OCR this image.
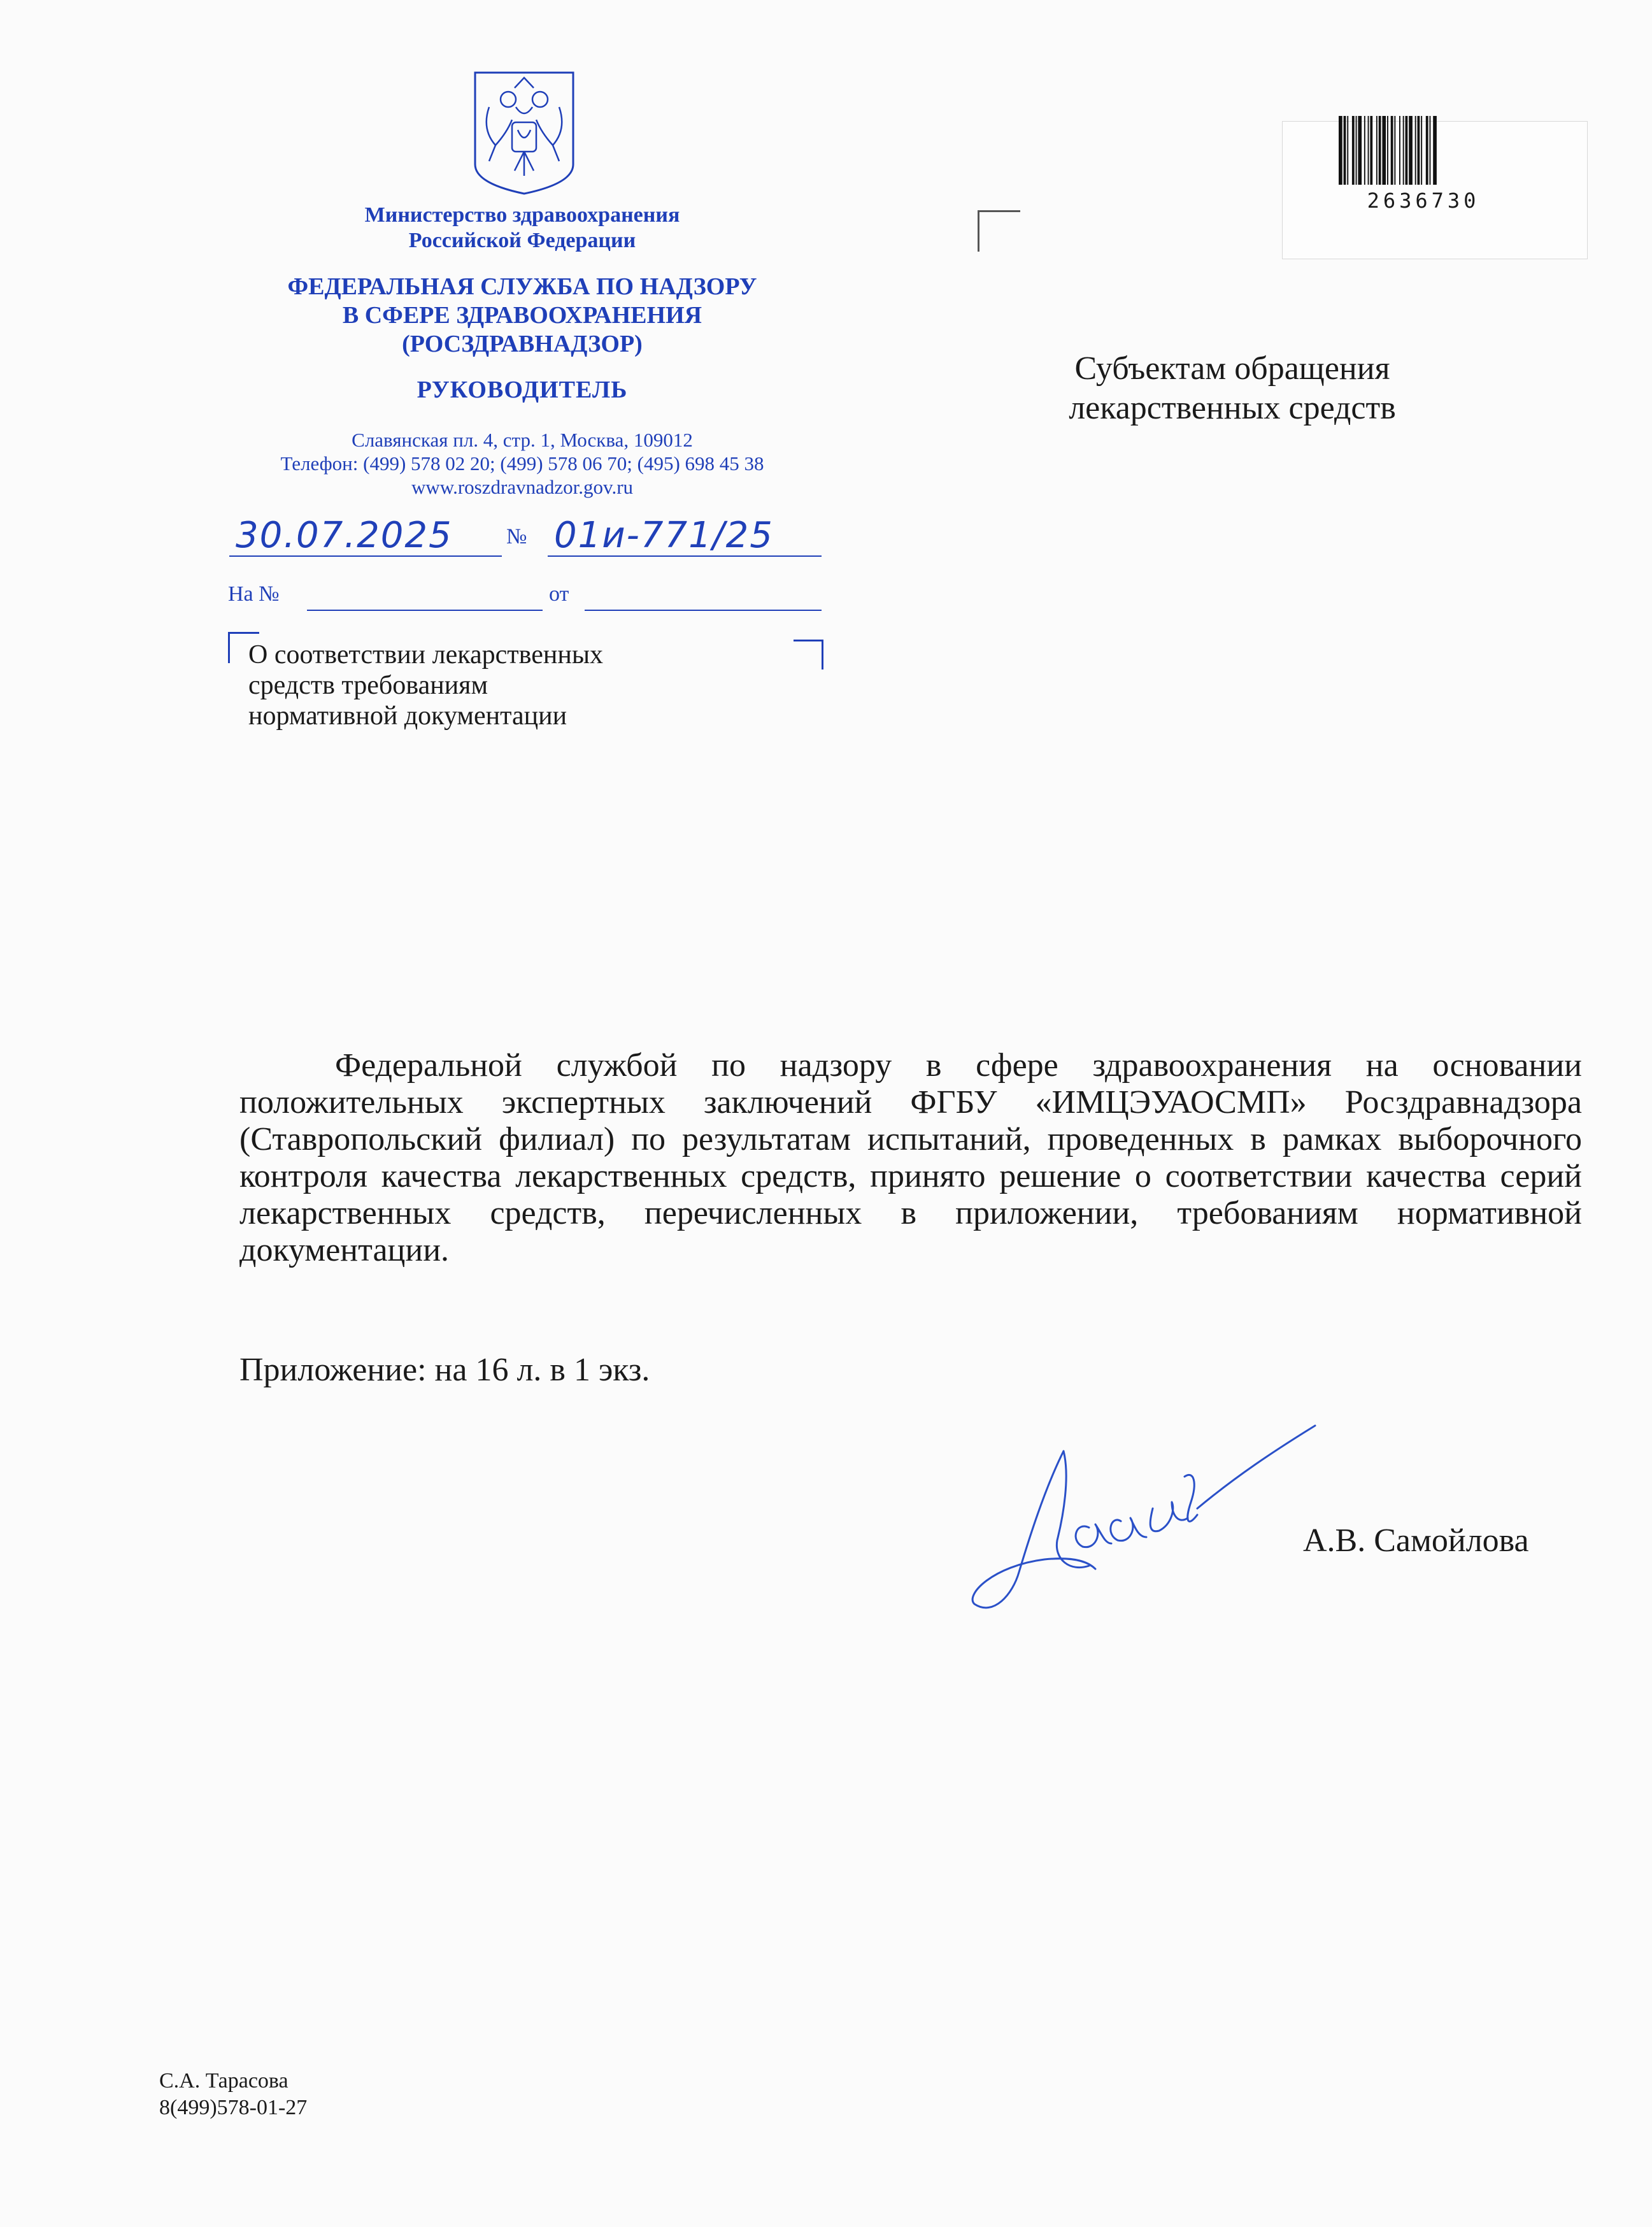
Министерство здравоохранения
Российской Федерации
ФЕДЕРАЛЬНАЯ СЛУЖБА ПО НАДЗОРУ
В СФЕРЕ ЗДРАВООХРАНЕНИЯ
(РОСЗДРАВНАДЗОР)
РУКОВОДИТЕЛЬ
Славянская пл. 4, стр. 1, Москва, 109012
Телефон: (499) 578 02 20; (499) 578 06 70; (495) 698 45 38
www.roszdravnadzor.gov.ru
30.07.2025 № 01и-771/25
На №	от
О соответствии лекарственных
средств требованиям
нормативной документации
2636730
Субъектам обращения
лекарственных средств
Федеральной службой по надзору в сфере здравоохранения на основании положительных экспертных заключений ФГБУ «ИМЦЭУАОСМП» Росздравнадзора (Ставропольский филиал) по результатам испытаний, проведенных в рамках выборочного контроля качества лекарственных средств, принято решение о соответствии качества серий лекарственных средств, перечисленных в приложении, требованиям нормативной документации.
Приложение: на 16 л. в 1 экз.
А.В. Самойлова
С.А. Тарасова
8(499)578-01-27
